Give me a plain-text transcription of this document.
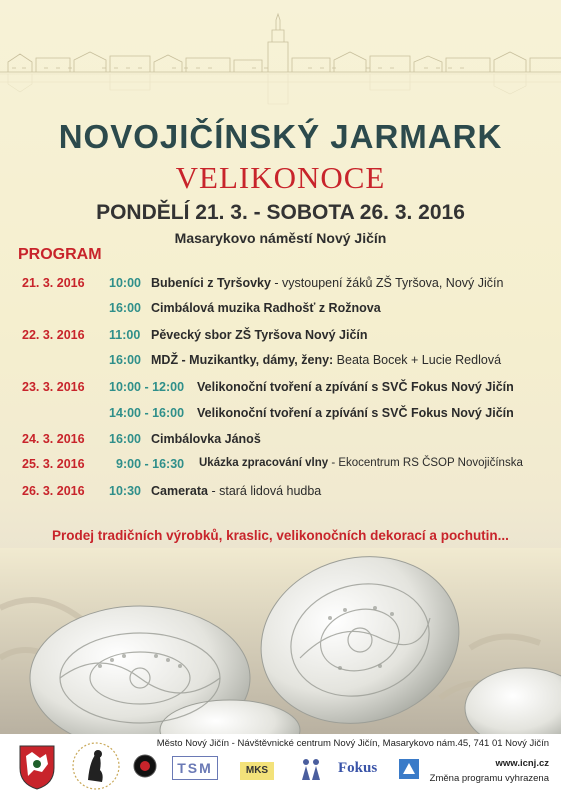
NOVOJIČÍNSKÝ JARMARK
VELIKONOCE
PONDĚLÍ 21. 3. - SOBOTA 26. 3. 2016
Masarykovo náměstí Nový Jičín
PROGRAM
21. 3. 2016 10:00 Bubeníci z Tyršovky - vystoupení žáků ZŠ Tyršova, Nový Jičín
16:00 Cimbálová muzika Radhošť z Rožnova
22. 3. 2016 11:00 Pěvecký sbor ZŠ Tyršova Nový Jičín
16:00 MDŽ - Muzikantky, dámy, ženy: Beata Bocek + Lucie Redlová
23. 3. 2016 10:00 - 12:00 Velikonoční tvoření a zpívání s SVČ Fokus Nový Jičín
14:00 - 16:00 Velikonoční tvoření a zpívání s SVČ Fokus Nový Jičín
24. 3. 2016 16:00 Cimbálovka Jánoš
25. 3. 2016	9:00 - 16:30 Ukázka zpracování vlny - Ekocentrum RS ČSOP Novojičínska
26. 3. 2016 10:30 Camerata - stará lidová hudba
Prodej tradičních výrobků, kraslic, velikonočních dekorací a pochutin...
TSM	MKS	Fokus
Město Nový Jičín - Návštěvnické centrum Nový Jičín, Masarykovo nám.45, 741 01 Nový Jičín
www.icnj.cz
Změna programu vyhrazena
